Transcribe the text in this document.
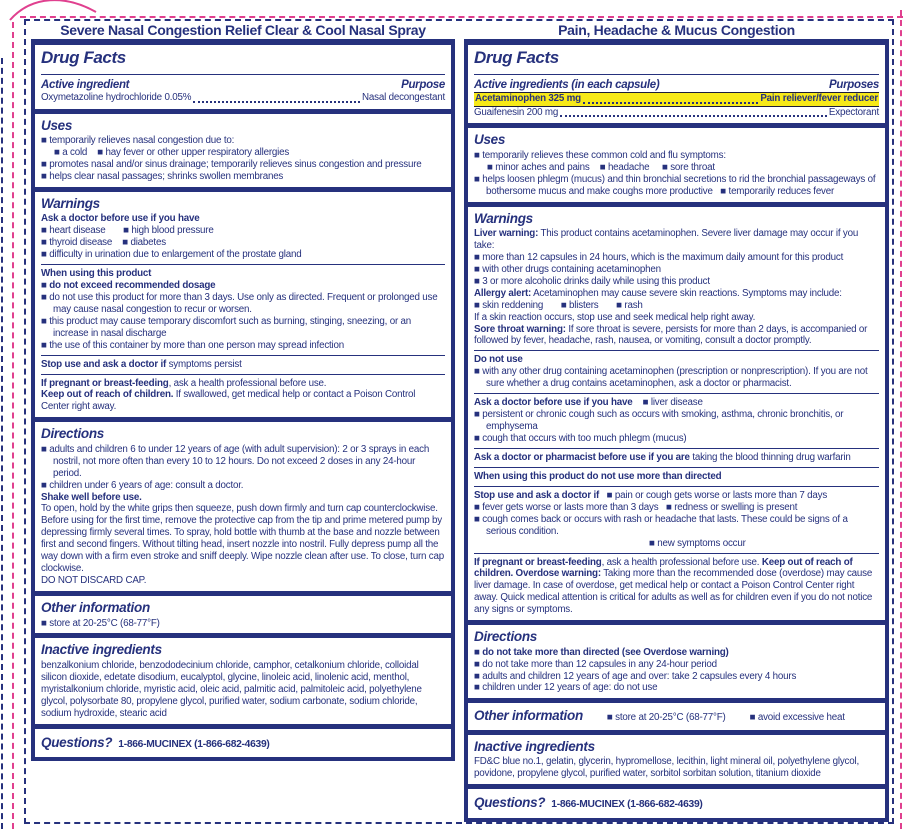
Severe Nasal Congestion Relief Clear & Cool Nasal Spray
Drug Facts
Active ingredient	Purpose
Oxymetazoline hydrochloride 0.05%	Nasal decongestant
Uses

■ temporarily relieves nasal congestion due to:

■ a cold    ■ hay fever or other upper respiratory allergies

■ promotes nasal and/or sinus drainage; temporarily relieves sinus congestion and pressure

■ helps clear nasal passages; shrinks swollen membranes

Warnings

Ask a doctor before use if you have

■ heart disease       ■ high blood pressure

■ thyroid disease    ■ diabetes

■ difficulty in urination due to enlargement of the prostate gland

When using this product

■ do not exceed recommended dosage

■ do not use this product for more than 3 days. Use only as directed. Frequent or prolonged use may cause nasal congestion to recur or worsen.

■ this product may cause temporary discomfort such as burning, stinging, sneezing, or an increase in nasal discharge

■ the use of this container by more than one person may spread infection

Stop use and ask a doctor if symptoms persist

If pregnant or breast-feeding, ask a health professional before use.

Keep out of reach of children. If swallowed, get medical help or contact a Poison Control Center right away.

Directions

■ adults and children 6 to under 12 years of age (with adult supervision): 2 or 3 sprays in each nostril, not more often than every 10 to 12 hours. Do not exceed 2 doses in any 24-hour period.

■ children under 6 years of age: consult a doctor.

Shake well before use.

To open, hold by the white grips then squeeze, push down firmly and turn cap counterclockwise. Before using for the first time, remove the protective cap from the tip and prime metered pump by depressing firmly several times. To spray, hold bottle with thumb at the base and nozzle between first and second fingers. Without tilting head, insert nozzle into nostril. Fully depress pump all the way down with a firm even stroke and sniff deeply. Wipe nozzle clean after use. To close, turn cap clockwise.

DO NOT DISCARD CAP.

Other information

■ store at 20-25°C (68-77°F)

Inactive ingredients

benzalkonium chloride, benzododecinium chloride, camphor, cetalkonium chloride, colloidal silicon dioxide, edetate disodium, eucalyptol, glycine, linoleic acid, linolenic acid, menthol, myristalkonium chloride, myristic acid, oleic acid, palmitic acid, palmitoleic acid, polyethylene glycol, polysorbate 80, propylene glycol, purified water, sodium carbonate, sodium chloride, sodium hydroxide, stearic acid

Questions? 1-866-MUCINEX (1-866-682-4639)
Pain, Headache & Mucus Congestion
Drug Facts
Active ingredients (in each capsule)	Purposes
Acetaminophen 325 mg	Pain reliever/fever reducer
Guaifenesin 200 mg	Expectorant
Uses

■ temporarily relieves these common cold and flu symptoms:

■ minor aches and pains    ■ headache     ■ sore throat

■ helps loosen phlegm (mucus) and thin bronchial secretions to rid the bronchial passageways of bothersome mucus and make coughs more productive   ■ temporarily reduces fever

Warnings

Liver warning: This product contains acetaminophen. Severe liver damage may occur if you take:

■ more than 12 capsules in 24 hours, which is the maximum daily amount for this product

■ with other drugs containing acetaminophen

■ 3 or more alcoholic drinks daily while using this product

Allergy alert: Acetaminophen may cause severe skin reactions. Symptoms may include:

■ skin reddening       ■ blisters       ■ rash

If a skin reaction occurs, stop use and seek medical help right away.

Sore throat warning: If sore throat is severe, persists for more than 2 days, is accompanied or followed by fever, headache, rash, nausea, or vomiting, consult a doctor promptly.

Do not use

■ with any other drug containing acetaminophen (prescription or nonprescription). If you are not sure whether a drug contains acetaminophen, ask a doctor or pharmacist.

Ask a doctor before use if you have    ■ liver disease

■ persistent or chronic cough such as occurs with smoking, asthma, chronic bronchitis, or emphysema

■ cough that occurs with too much phlegm (mucus)

Ask a doctor or pharmacist before use if you are taking the blood thinning drug warfarin

When using this product do not use more than directed

Stop use and ask a doctor if   ■ pain or cough gets worse or lasts more than 7 days

■ fever gets worse or lasts more than 3 days   ■ redness or swelling is present

■ cough comes back or occurs with rash or headache that lasts. These could be signs of a serious condition.

■ new symptoms occur

If pregnant or breast-feeding, ask a health professional before use. Keep out of reach of children. Overdose warning: Taking more than the recommended dose (overdose) may cause liver damage. In case of overdose, get medical help or contact a Poison Control Center right away. Quick medical attention is critical for adults as well as for children even if you do not notice any signs or symptoms.

Directions

■ do not take more than directed (see Overdose warning)

■ do not take more than 12 capsules in any 24-hour period

■ adults and children 12 years of age and over: take 2 capsules every 4 hours

■ children under 12 years of age: do not use

Other information ■ store at 20-25°C (68-77°F) ■ avoid excessive heat
Inactive ingredients

FD&C blue no.1, gelatin, glycerin, hypromellose, lecithin, light mineral oil, polyethylene glycol, povidone, propylene glycol, purified water, sorbitol sorbitan solution, titanium dioxide

Questions? 1-866-MUCINEX (1-866-682-4639)
